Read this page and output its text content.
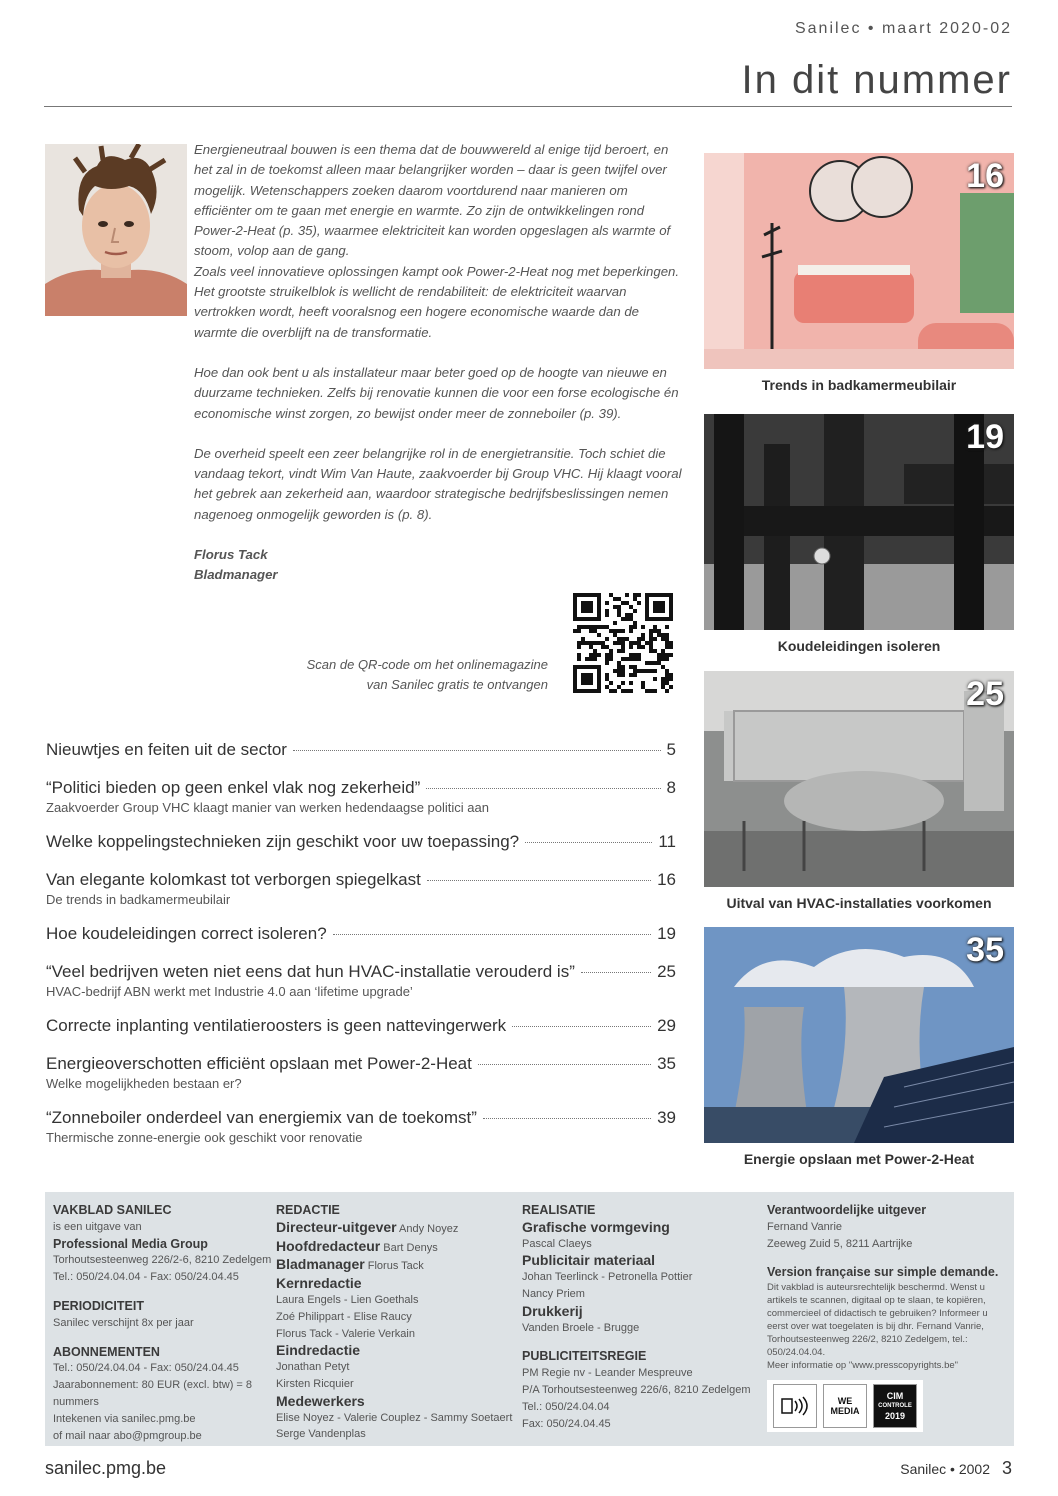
Sanilec • maart 2020-02
In dit nummer

Energieneutraal bouwen is een thema dat de bouwwereld al enige tijd beroert, en het zal in de toekomst alleen maar belangrijker worden – daar is geen twijfel over mogelijk. Wetenschappers zoeken daarom voortdurend naar manieren om efficiënter om te gaan met energie en warmte. Zo zijn de ontwikkelingen rond Power-2-Heat (p. 35), waarmee elektriciteit kan worden opgeslagen als warmte of stoom, volop aan de gang.

Zoals veel innovatieve oplossingen kampt ook Power-2-Heat nog met beperkingen. Het grootste struikelblok is wellicht de rendabiliteit: de elektriciteit waarvan vertrokken wordt, heeft vooralsnog een hogere economische waarde dan de warmte die overblijft na de transformatie.

Hoe dan ook bent u als installateur maar beter goed op de hoogte van nieuwe en duurzame technieken. Zelfs bij renovatie kunnen die voor een forse ecologische én economische winst zorgen, zo bewijst onder meer de zonneboiler (p. 39).

De overheid speelt een zeer belangrijke rol in de energietransitie. Toch schiet die vandaag tekort, vindt Wim Van Haute, zaakvoerder bij Group VHC. Hij klaagt vooral het gebrek aan zekerheid aan, waardoor strategische bedrijfsbeslissingen nemen nagenoeg onmogelijk geworden is (p. 8).

Florus Tack
Bladmanager
Scan de QR-code om het onlinemagazine
van Sanilec gratis te ontvangen
Nieuwtjes en feiten uit de sector	5
“Politici bieden op geen enkel vlak nog zekerheid”	8
Zaakvoerder Group VHC klaagt manier van werken hedendaagse politici aan
Welke koppelingstechnieken zijn geschikt voor uw toepassing?	11
Van elegante kolomkast tot verborgen spiegelkast	16
De trends in badkamermeubilair
Hoe koudeleidingen correct isoleren?	19
“Veel bedrijven weten niet eens dat hun HVAC-installatie verouderd is”	25
HVAC-bedrijf ABN werkt met Industrie 4.0 aan ‘lifetime upgrade’
Correcte inplanting ventilatieroosters is geen nattevingerwerk	29
Energieoverschotten efficiënt opslaan met Power-2-Heat	35
Welke mogelijkheden bestaan er?
“Zonneboiler onderdeel van energiemix van de toekomst”	39
Thermische zonne-energie ook geschikt voor renovatie
16
Trends in badkamermeubilair
19
Koudeleidingen isoleren
25
Uitval van HVAC-installaties voorkomen
35
Energie opslaan met Power-2-Heat
VAKBLAD SANILEC
is een uitgave van
Professional Media Group
Torhoutsesteenweg 226/2-6, 8210 Zedelgem
Tel.: 050/24.04.04 - Fax: 050/24.04.45
PERIODICITEIT
Sanilec verschijnt 8x per jaar
ABONNEMENTEN
Tel.: 050/24.04.04 - Fax: 050/24.04.45
Jaarabonnement: 80 EUR (excl. btw) = 8 nummers
Intekenen via sanilec.pmg.be
of mail naar abo@pmgroup.be
REDACTIE
Directeur-uitgever Andy Noyez
Hoofdredacteur Bart Denys
Bladmanager Florus Tack
Kernredactie
Laura Engels - Lien Goethals
Zoé Philippart - Elise Raucy
Florus Tack - Valerie Verkain
Eindredactie
Jonathan Petyt
Kirsten Ricquier
Medewerkers
Elise Noyez - Valerie Couplez - Sammy Soetaert
Serge Vandenplas
REALISATIE
Grafische vormgeving
Pascal Claeys
Publicitair materiaal
Johan Teerlinck - Petronella Pottier
Nancy Priem
Drukkerij
Vanden Broele - Brugge
PUBLICITEITSREGIE
PM Regie nv - Leander Mespreuve
P/A Torhoutsesteenweg 226/6, 8210 Zedelgem
Tel.: 050/24.04.04
Fax: 050/24.04.45
Verantwoordelijke uitgever
Fernand Vanrie
Zeeweg Zuid 5, 8211 Aartrijke
Version française sur simple demande.
Dit vakblad is auteursrechtelijk beschermd. Wenst u artikels te scannen, digitaal op te slaan, te kopiëren, commercieel of didactisch te gebruiken? Informeer u eerst over wat toegelaten is bij dhr. Fernand Vanrie, Torhoutsesteenweg 226/2, 8210 Zedelgem, tel.: 050/24.04.04.
Meer informatie op "www.presscopyrights.be"
WE MEDIA
CIM
CONTROLE
2019
sanilec.pmg.be	Sanilec • 2002 3
